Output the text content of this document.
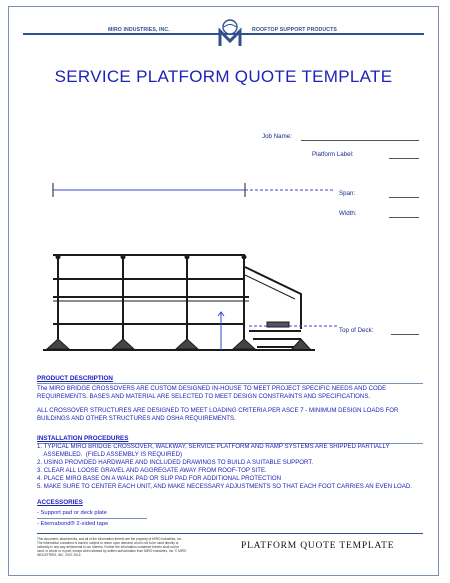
MIRO INDUSTRIES, INC.	ROOFTOP SUPPORT PRODUCTS
SERVICE PLATFORM QUOTE TEMPLATE
Job Name:
Platform Label:
Span:
Width:
Top of Deck:
PRODUCT DESCRIPTION
The MIRO BRIDGE CROSSOVERS ARE CUSTOM DESIGNED IN-HOUSE TO MEET PROJECT SPECIFIC NEEDS AND CODE
REQUIREMENTS. BASES AND MATERIAL ARE SELECTED TO MEET DESIGN CONSTRAINTS AND SPECIFICATIONS.
ALL CROSSOVER STRUCTURES ARE DESIGNED TO MEET LOADING CRITERIA PER ASCE 7 - MINIMUM DESIGN LOADS FOR
BUILDINGS AND OTHER STRUCTURES AND OSHA REQUIREMENTS.
INSTALLATION PROCEDURES
1. TYPICAL MIRO BRIDGE CROSSOVER, WALKWAY, SERVICE PLATFORM AND RAMP SYSTEMS ARE SHIPPED PARTIALLY
ASSEMBLED.  (FIELD ASSEMBLY IS REQUIRED)
2. USING PROVIDED HARDWARE AND INCLUDED DRAWINGS TO BUILD A SUITABLE SUPPORT.
3. CLEAR ALL LOOSE GRAVEL AND AGGREGATE AWAY FROM ROOF-TOP SITE.
4. PLACE MIRO BASE ON A WALK PAD OR SLIP PAD FOR ADDITIONAL PROTECTION
5. MAKE SURE TO CENTER EACH UNIT, AND MAKE NECESSARY ADJUSTMENTS SO THAT EACH FOOT CARRIES AN EVEN LOAD.
ACCESSORIES
- Support pad or deck plate
- Eternabond® 2-sided tape
This document, attachments, and all of the information therein are the property of MIRO Industries, Inc. The information contained is loaned, subject to return upon demand, and is not to be used directly or indirectly in any way detrimental to our interest. Further the information contained therein shall not be used, in whole or in part, except when allowed by written authorization from MIRO Industries, Inc. © MIRO INDUSTRIES, INC. 2007-2014
PLATFORM QUOTE TEMPLATE
